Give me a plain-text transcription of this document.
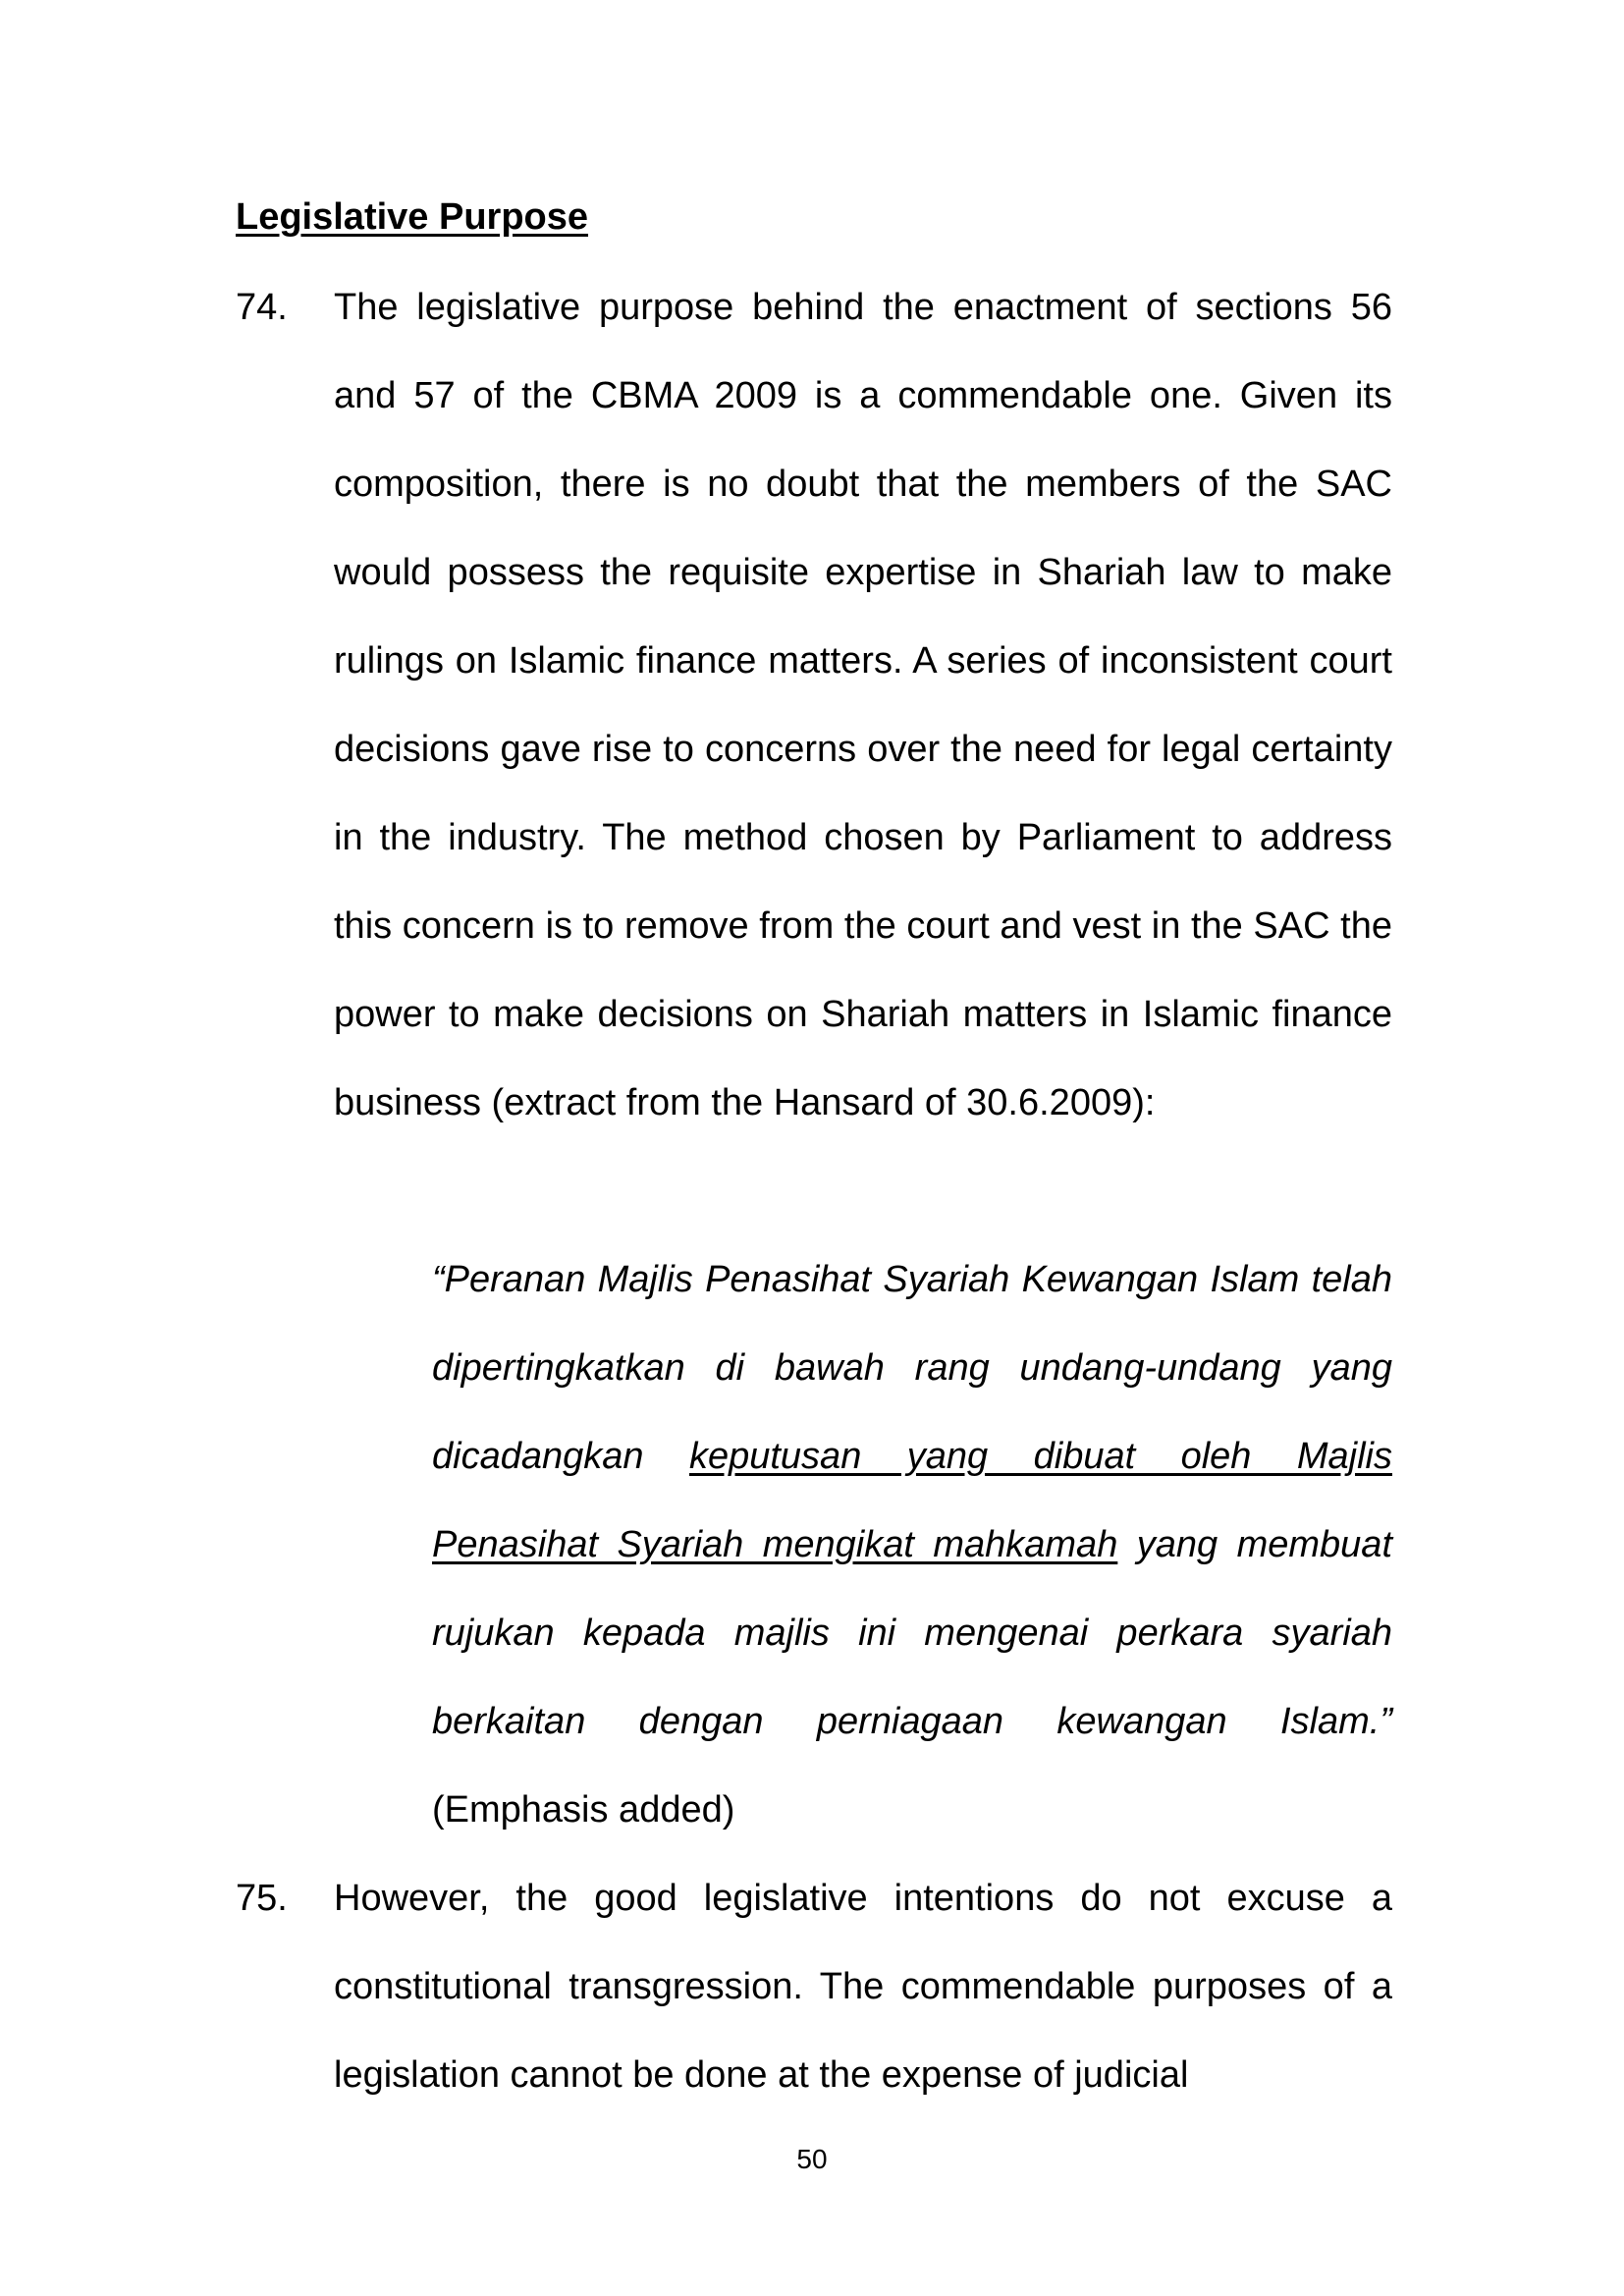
Legislative Purpose
74. The legislative purpose behind the enactment of sections 56 and 57 of the CBMA 2009 is a commendable one. Given its composition, there is no doubt that the members of the SAC would possess the requisite expertise in Shariah law to make rulings on Islamic finance matters. A series of inconsistent court decisions gave rise to concerns over the need for legal certainty in the industry. The method chosen by Parliament to address this concern is to remove from the court and vest in the SAC the power to make decisions on Shariah matters in Islamic finance business (extract from the Hansard of 30.6.2009):
“Peranan Majlis Penasihat Syariah Kewangan Islam telah dipertingkatkan di bawah rang undang-undang yang dicadangkan keputusan yang dibuat oleh Majlis Penasihat Syariah mengikat mahkamah yang membuat rujukan kepada majlis ini mengenai perkara syariah berkaitan dengan perniagaan kewangan Islam.” (Emphasis added)
75. However, the good legislative intentions do not excuse a constitutional transgression. The commendable purposes of a legislation cannot be done at the expense of judicial
50
